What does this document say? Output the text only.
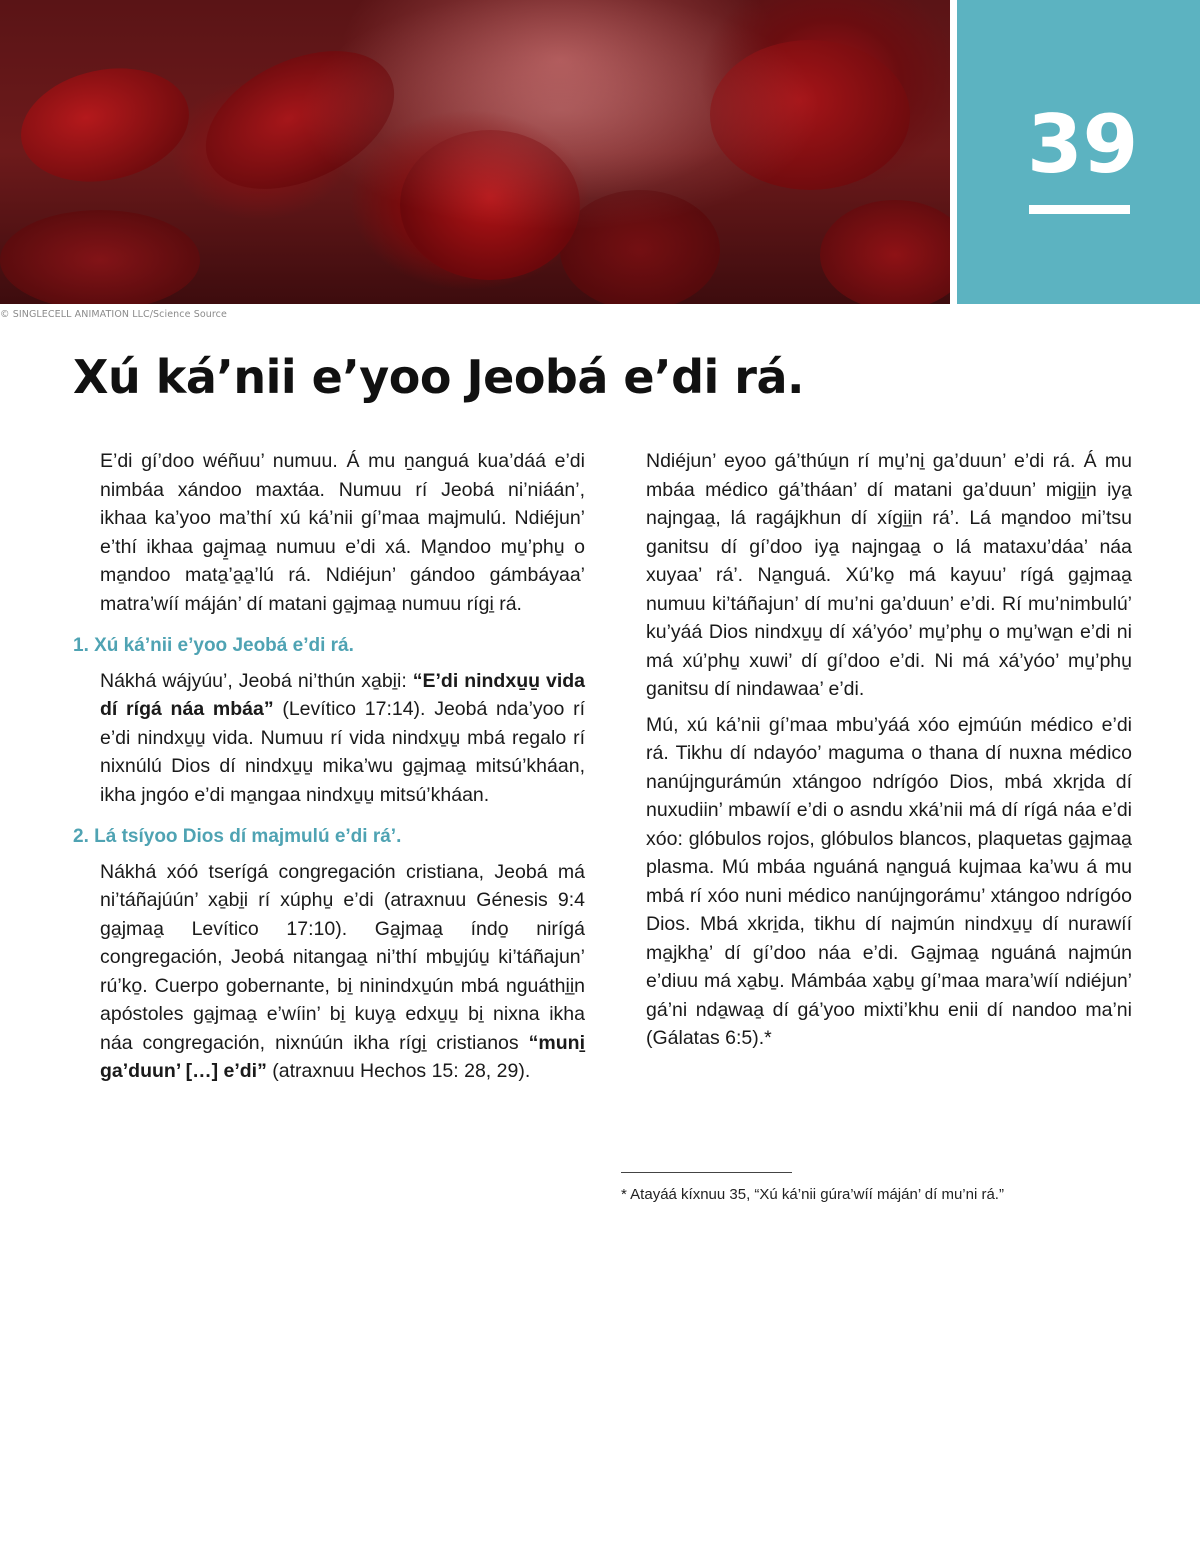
39
© SINGLECELL ANIMATION LLC/Science Source
Xú ká’nii e’yoo Jeobá e’di rá.

E’di gí’doo wéñuu’ numuu. Á mu ṉanguá kua’dáá e’di nimbáa xándoo maxtáa. Numuu rí Jeobá ni’niáán’, ikhaa ka’yoo ma’thí xú ká’nii gí’maa majmulú. Ndiéjun’ e’thí ikhaa gaj̱maa̱ numuu e’di xá. Ma̱ndoo mu̱’phu̱ o ma̱ndoo mata̱’a̱a̱’lú rá. Ndiéjun’ gándoo gámbáyaa’ matra’wíí máján’ dí matani ga̱jmaa̱ numuu rígi̱ rá.

1. Xú ká’nii e’yoo Jeobá e’di rá.

Nákhá wájyúu’, Jeobá ni’thún xa̱bi̱i: “E’di nindxu̱u̱ vida dí rígá náa mbáa” (Levítico 17:14). Jeobá nda’yoo rí e’di nindxu̱u̱ vida. Numuu rí vida nindxu̱u̱ mbá regalo rí nixnúlú Dios dí nindxu̱u̱ mika’wu ga̱jmaa̱ mitsú’kháan, ikha jngóo e’di ma̱ngaa nindxu̱u̱ mitsú’kháan.

2. Lá tsíyoo Dios dí majmulú e’di rá’.

Nákhá xóó tserígá congregación cristiana, Jeobá má ni’táñajúún’ xa̱bi̱i rí xúphu̱ e’di (atraxnuu Génesis 9:4 ga̱jmaa̱ Levítico 17:10). Ga̱jmaa̱ índo̱ nirígá congregación, Jeobá nitangaa̱ ni’thí mbu̱júu̱ ki’táñajun’ rú’ko̱. Cuerpo gobernante, bi̱ ninindxu̱ún mbá nguáthi̱i̱n apóstoles ga̱jmaa̱ e’wíin’ bi̱ kuya̱ edxu̱u̱ bi̱ nixna ikha náa congregación, nixnúún ikha rígi̱ cristianos “muni̱ ga’duun’ […] e’di” (atraxnuu Hechos 15: 28, 29).

Ndiéjun’ eyoo gá’thúu̱n rí mu̱’ni̱ ga’duun’ e’di rá. Á mu mbáa médico gá’tháan’ dí matani ga’duun’ migi̱i̱n iya̱ najngaa̱, lá ragájkhun dí xígi̱i̱n rá’. Lá ma̱ndoo mi’tsu ganitsu dí gí’doo iya̱ najngaa̱ o lá mataxu’dáa’ náa xuyaa’ rá’. Na̱nguá. Xú’ko̱ má kayuu’ rígá ga̱jmaa̱ numuu ki’táñajun’ dí mu’ni ga’duun’ e’di. Rí mu’nimbulú’ ku’yáá Dios nindxu̱u̱ dí xá’yóo’ mu̱’phu̱ o mu̱’wa̱n e’di ni má xú’phu̱ xuwi’ dí gí’doo e’di. Ni má xá’yóo’ mu̱’phu̱ ganitsu dí nindawaa’ e’di.

Mú, xú ká’nii gí’maa mbu’yáá xóo ejmúún médico e’di rá. Tikhu dí ndayóo’ maguma o thana dí nuxna médico nanújngurámún xtángoo ndrígóo Dios, mbá xkri̱da dí nuxudiin’ mbawíí e’di o asndu xká’nii má dí rígá náa e’di xóo: glóbulos rojos, glóbulos blancos, plaquetas ga̱jmaa̱ plasma. Mú mbáa nguáná na̱nguá kujmaa ka’wu á mu mbá rí xóo nuni médico nanújngorámu’ xtángoo ndrígóo Dios. Mbá xkri̱da, tikhu dí najmún nindxu̱u̱ dí nurawíí ma̱jkha̱’ dí gí’doo náa e’di. Ga̱jmaa̱ nguáná najmún e’diuu má xa̱bu̱. Mámbáa xa̱bu̱ gí’maa mara’wíí ndiéjun’ gá’ni nda̱waa̱ dí gá’yoo mixti’khu enii dí nandoo ma’ni (Gálatas 6:5).*

* Atayáá kíxnuu 35, “Xú ká’nii gúra’wíí máján’ dí mu’ni rá.”
